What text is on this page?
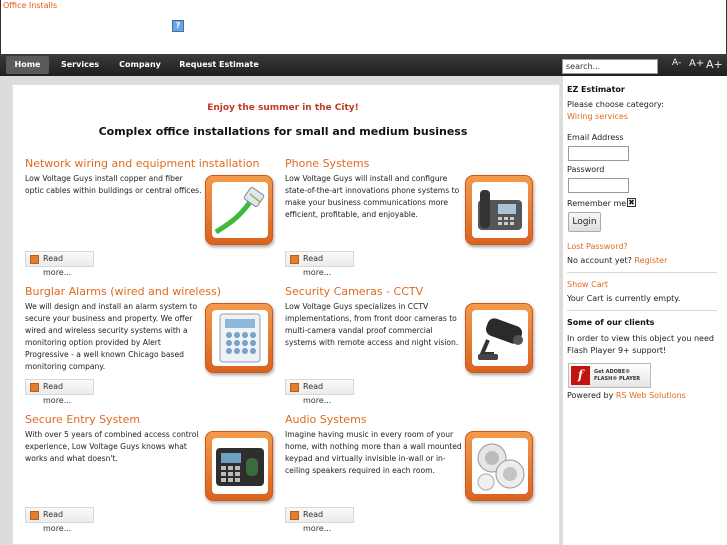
Office Installs
?
Home	Services	Company	Request Estimate
search...	A- A+ A+
Enjoy the summer in the City!
Complex office installations for small and medium business
Network wiring and equipment installation
Low Voltage Guys install copper and fiber optic cables within buildings or central offices.
Read more...
Phone Systems
Low Voltage Guys will install and configure state-of-the-art innovations phone systems to make your business communications more efficient, profitable, and enjoyable.
Read more...
Burglar Alarms (wired and wireless)
We will design and install an alarm system to secure your business and property. We offer wired and wireless security systems with a monitoring option provided by Alert Progressive - a well known Chicago based monitoring company.
Read more...
Security Cameras - CCTV
Low Voltage Guys specializes in CCTV implementations, from front door cameras to multi-camera vandal proof commercial systems with remote access and night vision.
Read more...
Secure Entry System
With over 5 years of combined access control experience, Low Voltage Guys knows what works and what doesn't.
Read more...
Audio Systems
Imagine having music in every room of your home, with nothing more than a wall mounted keypad and virtually invisible in-wall or in-ceiling speakers required in each room.
Read more...
EZ Estimator
Please choose category:
Wiring services
Email Address
Password
Remember me ✖
Login
Lost Password?
No account yet? Register
Show Cart
Your Cart is currently empty.
Some of our clients
In order to view this object you need Flash Player 9+ support!
f	Get ADOBE®
FLASH® PLAYER
Powered by RS Web Solutions
